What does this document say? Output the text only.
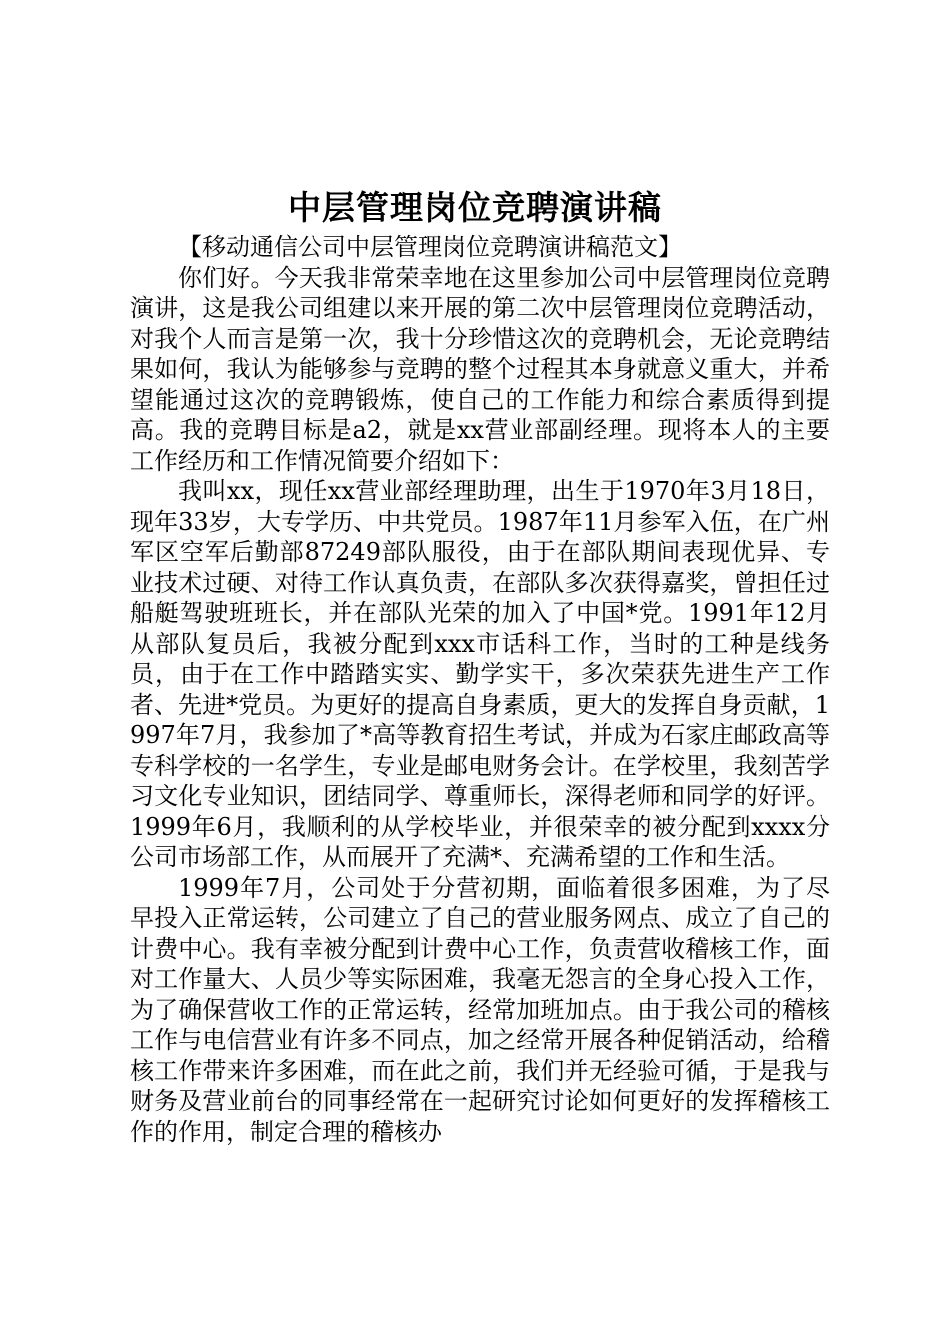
中层管理岗位竞聘演讲稿

【移动通信公司中层管理岗位竞聘演讲稿范文】

你们好。今天我非常荣幸地在这里参加公司中层管理岗位竞聘演讲，这是我公司组建以来开展的第二次中层管理岗位竞聘活动，对我个人而言是第一次，我十分珍惜这次的竞聘机会，无论竞聘结果如何，我认为能够参与竞聘的整个过程其本身就意义重大，并希望能通过这次的竞聘锻炼，使自己的工作能力和综合素质得到提高。我的竞聘目标是a2，就是xx营业部副经理。现将本人的主要工作经历和工作情况简要介绍如下：

我叫xx，现任xx营业部经理助理，出生于1970年3月18日，现年33岁，大专学历、中共党员。1987年11月参军入伍，在广州军区空军后勤部87249部队服役，由于在部队期间表现优异、专业技术过硬、对待工作认真负责，在部队多次获得嘉奖，曾担任过船艇驾驶班班长，并在部队光荣的加入了中国*党。1991年12月从部队复员后，我被分配到xxx市话科工作，当时的工种是线务员，由于在工作中踏踏实实、勤学实干，多次荣获先进生产工作者、先进*党员。为更好的提高自身素质，更大的发挥自身贡献，1997年7月，我参加了*高等教育招生考试，并成为石家庄邮政高等专科学校的一名学生，专业是邮电财务会计。在学校里，我刻苦学习文化专业知识，团结同学、尊重师长，深得老师和同学的好评。1999年6月，我顺利的从学校毕业，并很荣幸的被分配到xxxx分公司市场部工作，从而展开了充满*、充满希望的工作和生活。

1999年7月，公司处于分营初期，面临着很多困难，为了尽早投入正常运转，公司建立了自己的营业服务网点、成立了自己的计费中心。我有幸被分配到计费中心工作，负责营收稽核工作，面对工作量大、人员少等实际困难，我毫无怨言的全身心投入工作，为了确保营收工作的正常运转，经常加班加点。由于我公司的稽核工作与电信营业有许多不同点，加之经常开展各种促销活动，给稽核工作带来许多困难，而在此之前，我们并无经验可循，于是我与财务及营业前台的同事经常在一起研究讨论如何更好的发挥稽核工作的作用，制定合理的稽核办
